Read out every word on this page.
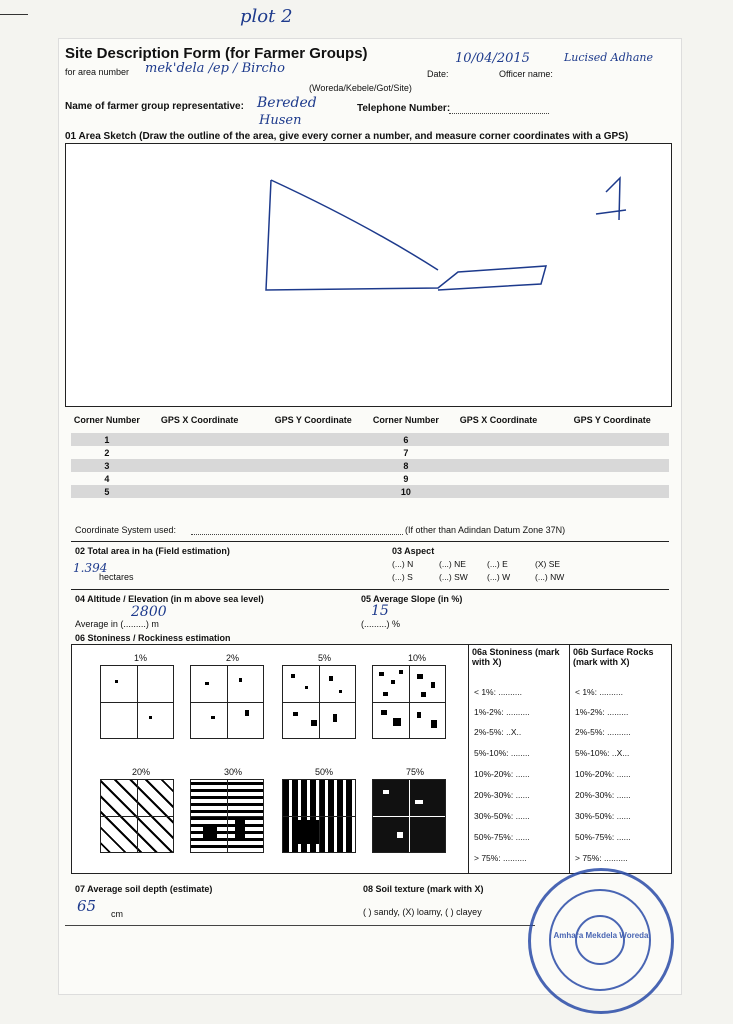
plot 2
Site Description Form (for Farmer Groups)
for area number mek'dela /ep / Bircho
(Woreda/Kebele/Got/Site)
Date:
10/04/2015
Officer name:
Lucised Adhane
Name of farmer group representative: Bereded
Husen
Telephone Number:
01 Area Sketch (Draw the outline of the area, give every corner a number, and measure corner coordinates with a GPS)
Corner Number	GPS X Coordinate	GPS Y Coordinate	Corner Number	GPS X Coordinate	GPS Y Coordinate
1			6		
2			7		
3			8		
4			9		
5			10		
Coordinate System used:	(If other than Adindan Datum Zone 37N)
02 Total area in ha (Field estimation)
1.394
hectares
03 Aspect
(...) N	(...) NE (...) E	(X) SE
(...) S	(...) SW (...) W	(...) NW
04 Altitude / Elevation (in m above sea level)
2800
Average in (.........) m
05 Average Slope (in %)
15
(.........) %
06 Stoniness / Rockiness estimation
1%	2%	5%	10%
20%	30%	50%	75%
06a Stoniness (mark with X)
06b Surface Rocks (mark with X)
< 1%: ..........
1%-2%: ..........
2%-5%: ..X..
5%-10%: ........
10%-20%: ......
20%-30%: ......
30%-50%: ......
50%-75%: ......
> 75%: ..........
< 1%: ..........
1%-2%: .........
2%-5%: ..........
5%-10%: ..X...
10%-20%: ......
20%-30%: ......
30%-50%: ......
50%-75%: ......
> 75%: ..........
07 Average soil depth (estimate)
65 cm
08 Soil texture (mark with X)
( ) sandy, (X) loamy, ( ) clayey
Amhara Mekdela Woreda
